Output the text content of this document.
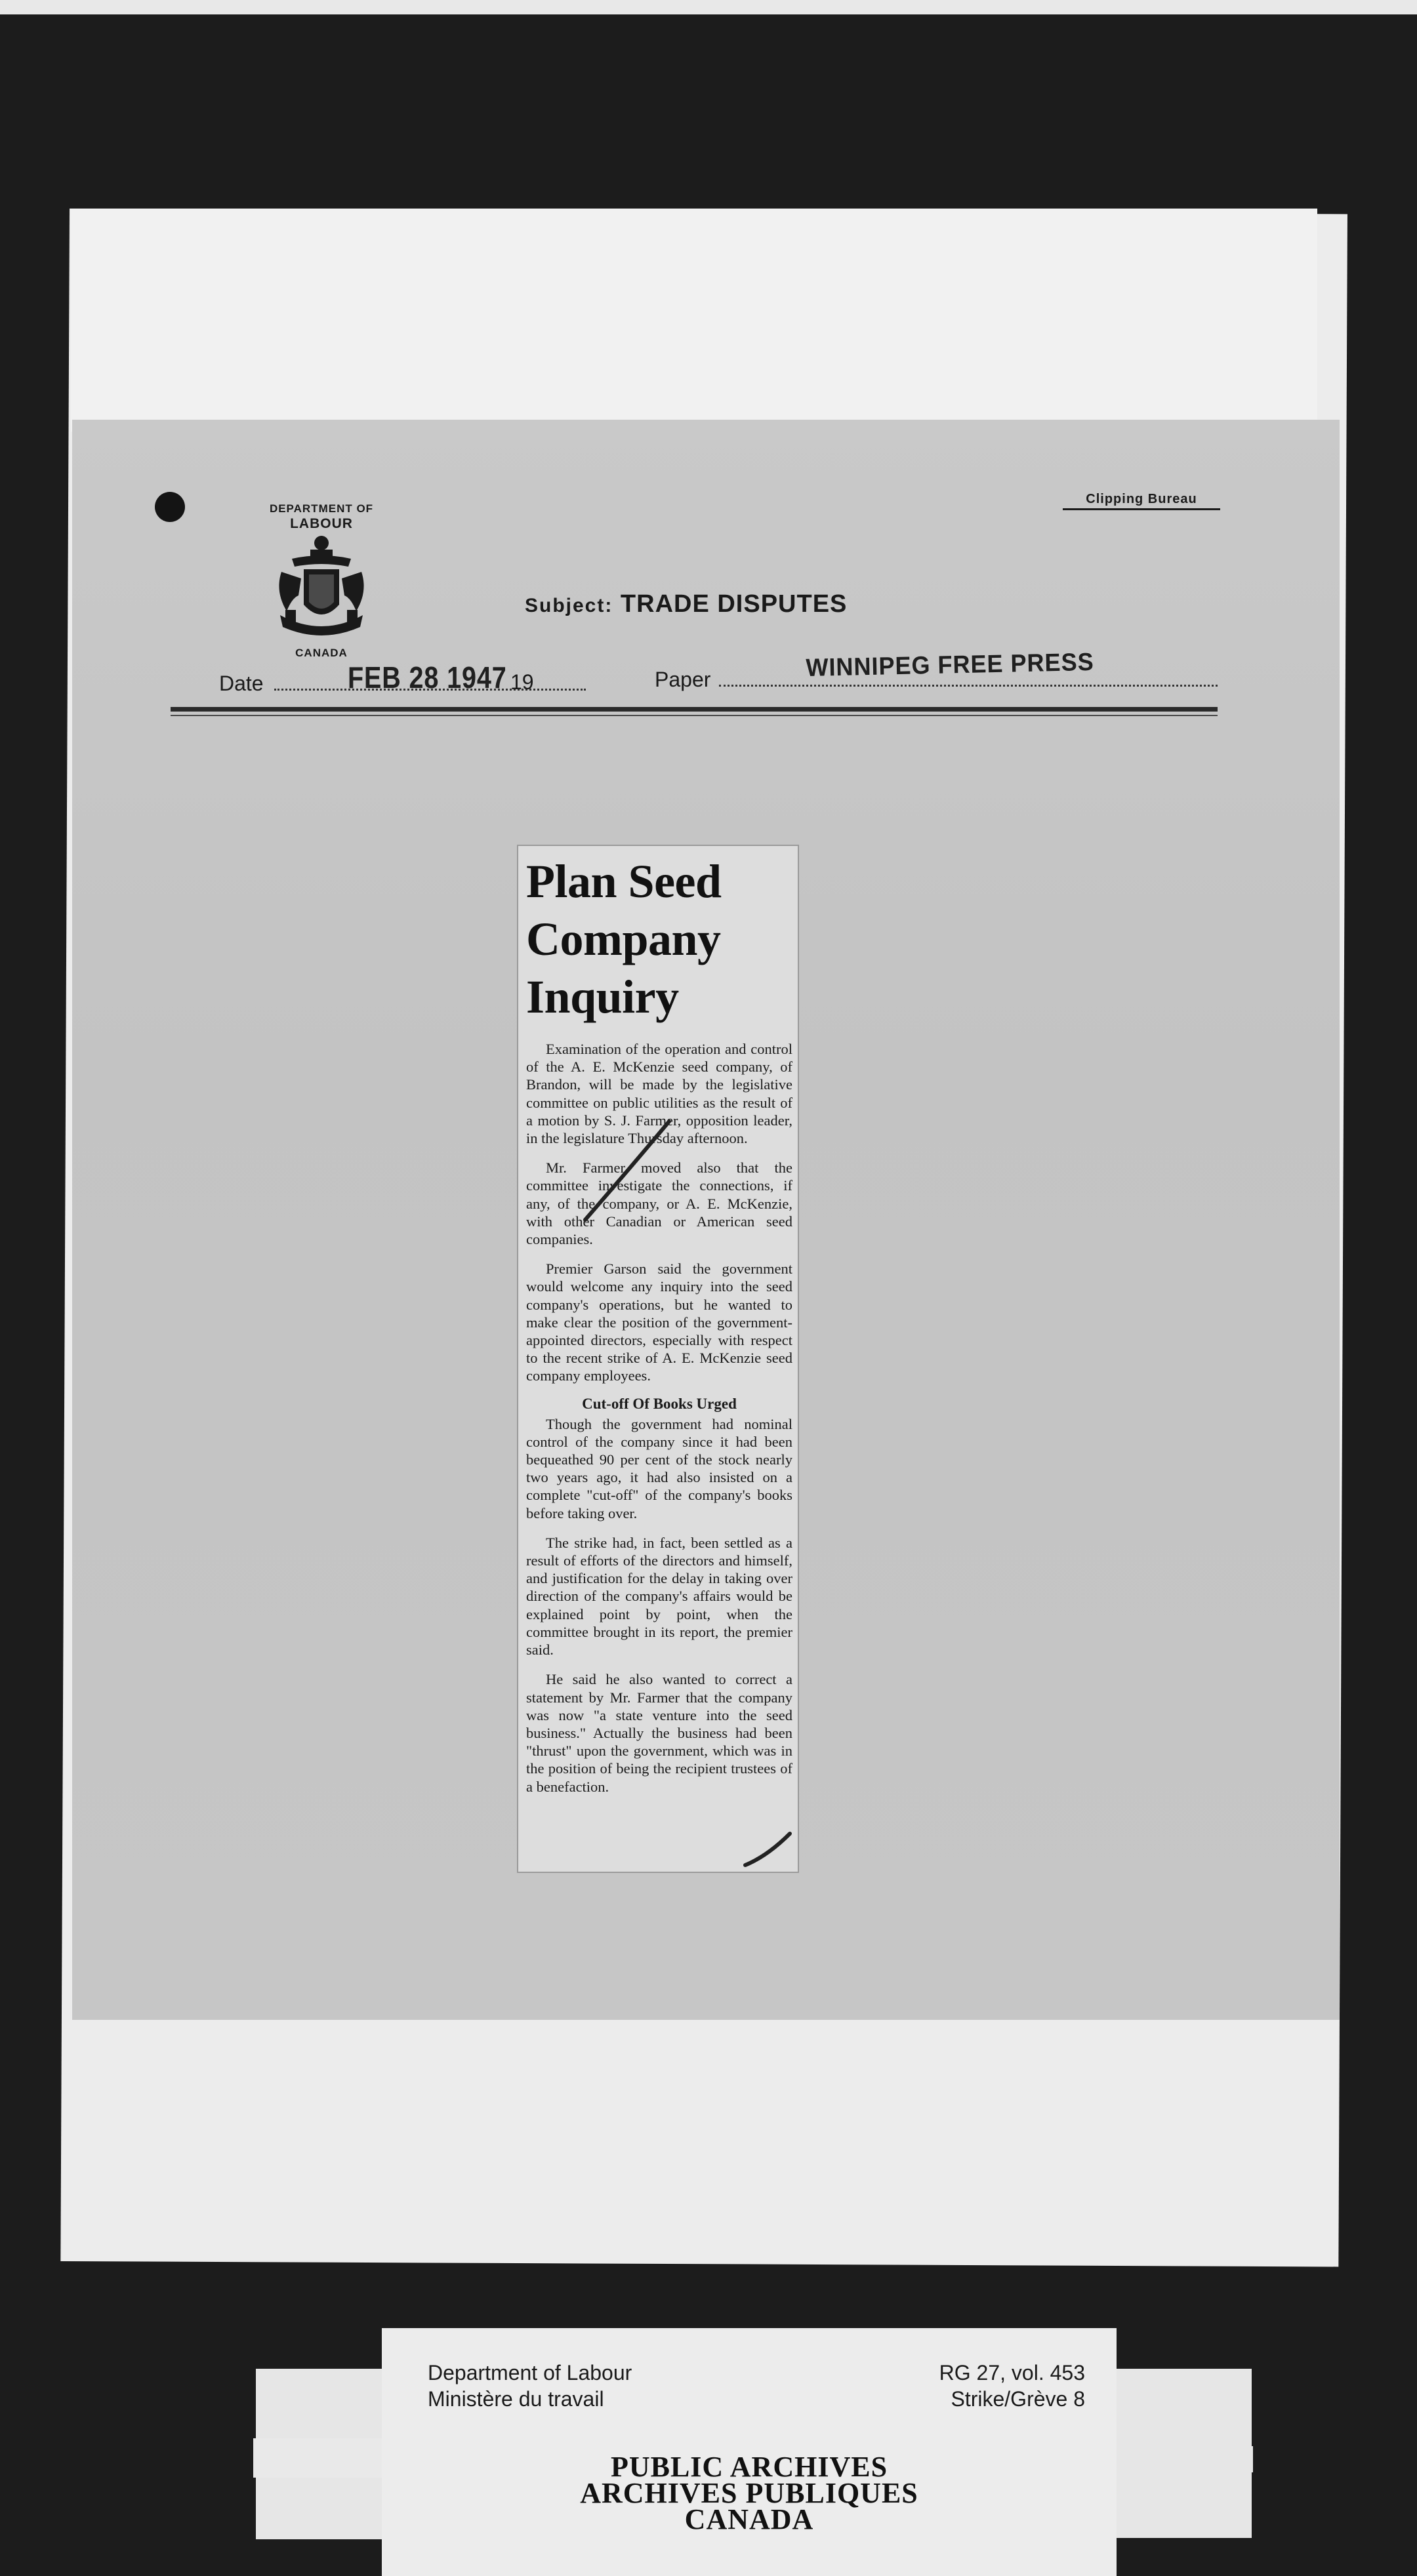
DEPARTMENT OF
LABOUR
CANADA
Clipping Bureau
Subject: TRADE DISPUTES
Date	FEB 28 1947 19	Paper	WINNIPEG FREE PRESS
Plan Seed Company Inquiry

Examination of the operation and control of the A. E. McKenzie seed company, of Brandon, will be made by the legislative committee on public utilities as the result of a motion by S. J. Farmer, opposition leader, in the legislature Thursday afternoon.

Mr. Farmer moved also that the committee investigate the connections, if any, of the company, or A. E. McKenzie, with other Canadian or American seed companies.

Premier Garson said the government would welcome any inquiry into the seed company's operations, but he wanted to make clear the position of the government-appointed directors, especially with respect to the recent strike of A. E. McKenzie seed company employees.

Cut-off Of Books Urged

Though the government had nominal control of the company since it had been bequeathed 90 per cent of the stock nearly two years ago, it had also insisted on a complete "cut-off" of the company's books before taking over.

The strike had, in fact, been settled as a result of efforts of the directors and himself, and justification for the delay in taking over direction of the company's affairs would be explained point by point, when the committee brought in its report, the premier said.

He said he also wanted to correct a statement by Mr. Farmer that the company was now "a state venture into the seed business." Actually the business had been "thrust" upon the government, which was in the position of being the recipient trustees of a benefaction.

Department of Labour
Ministère du travail
RG 27, vol. 453
Strike/Grève 8
PUBLIC ARCHIVES
ARCHIVES PUBLIQUES
CANADA
